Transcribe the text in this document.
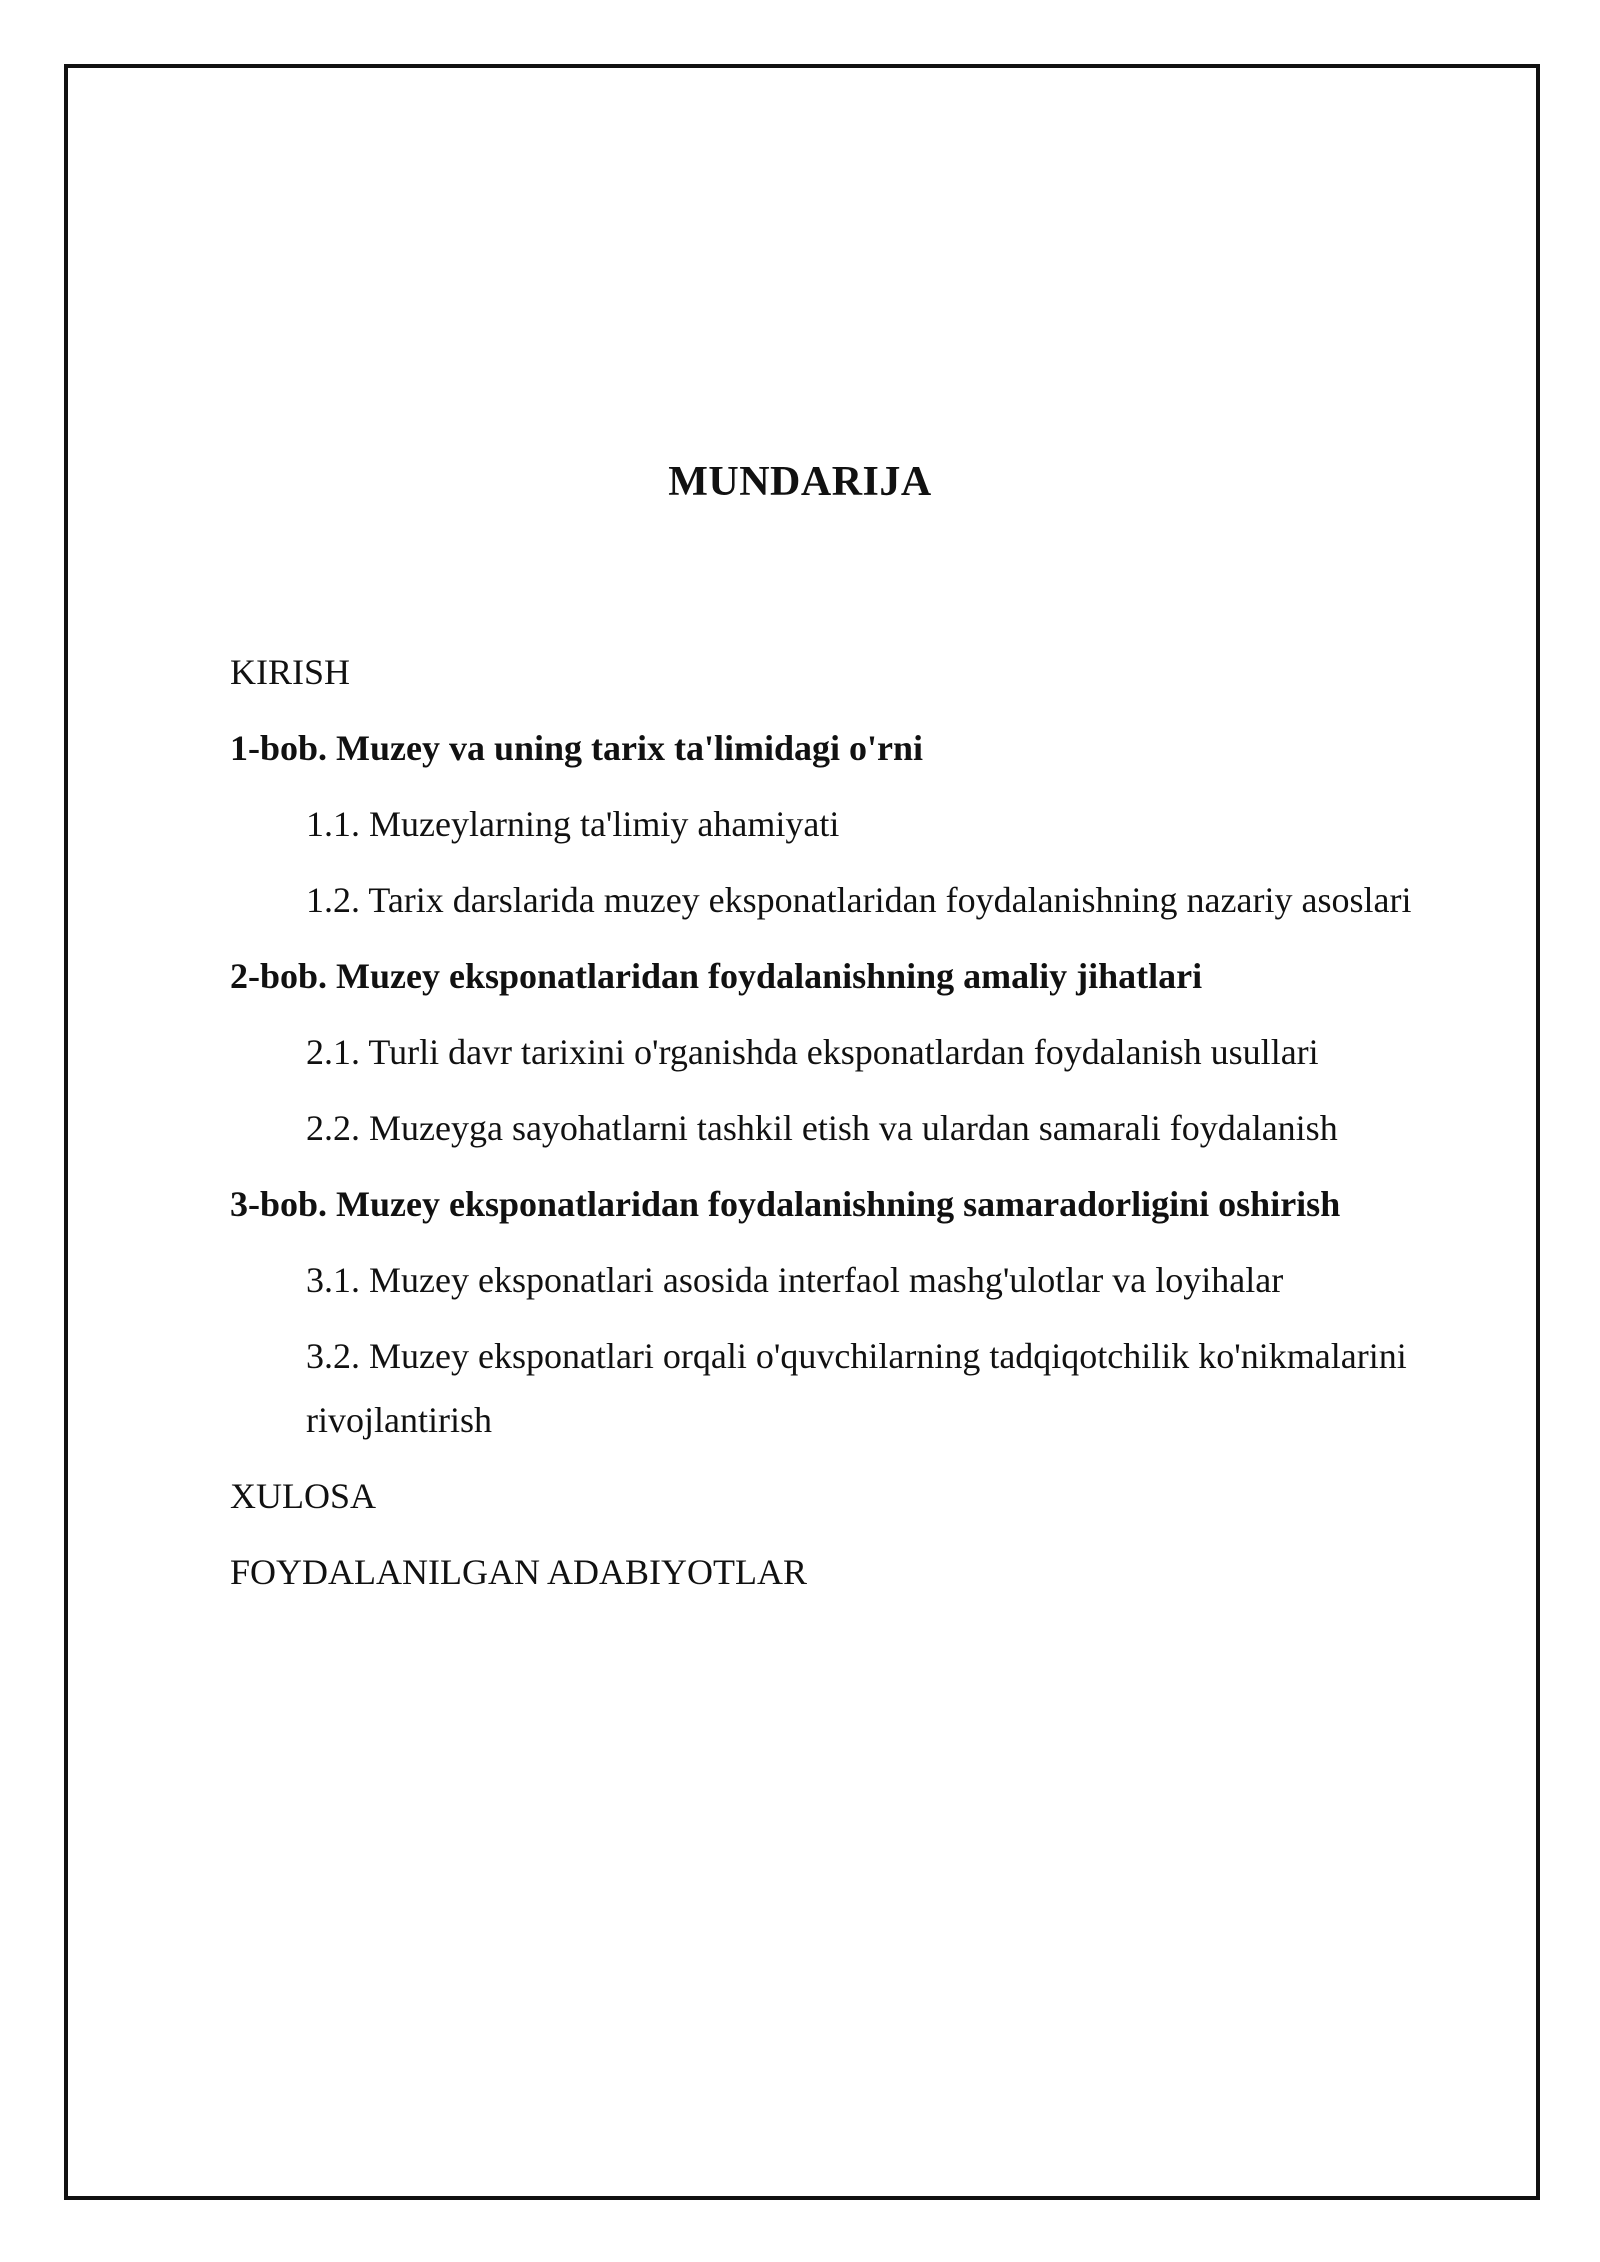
MUNDARIJA
KIRISH
1-bob. Muzey va uning tarix ta'limidagi o'rni
1.1. Muzeylarning ta'limiy ahamiyati
1.2. Tarix darslarida muzey eksponatlaridan foydalanishning nazariy asoslari
2-bob. Muzey eksponatlaridan foydalanishning amaliy jihatlari
2.1. Turli davr tarixini o'rganishda eksponatlardan foydalanish usullari
2.2. Muzeyga sayohatlarni tashkil etish va ulardan samarali foydalanish
3-bob. Muzey eksponatlaridan foydalanishning samaradorligini oshirish
3.1. Muzey eksponatlari asosida interfaol mashg'ulotlar va loyihalar
3.2. Muzey eksponatlari orqali o'quvchilarning tadqiqotchilik ko'nikmalarini rivojlantirish
XULOSA
FOYDALANILGAN ADABIYOTLAR
